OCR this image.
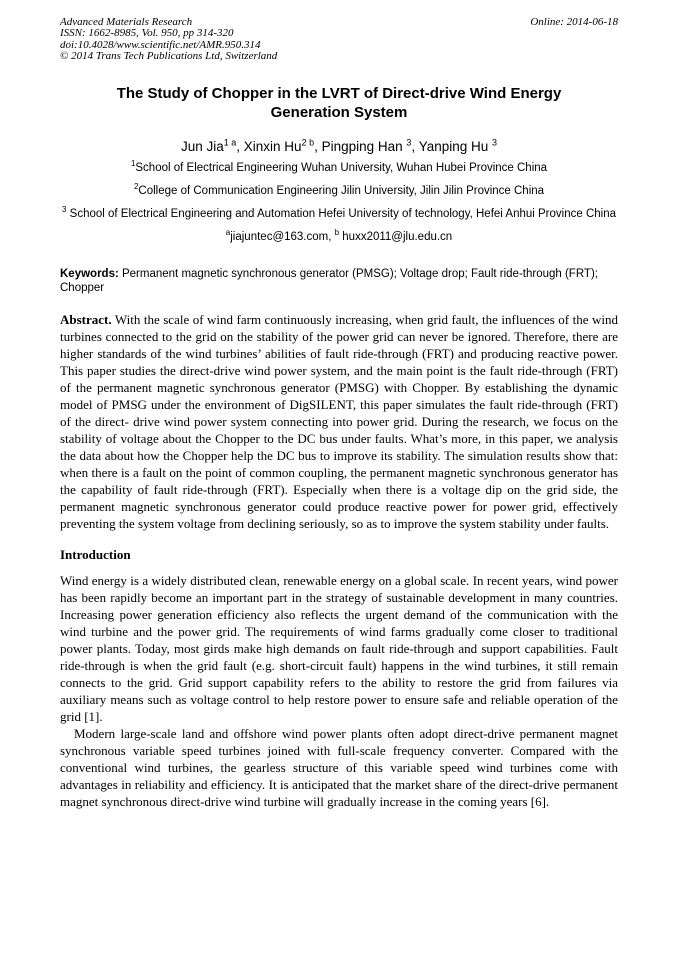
Advanced Materials Research
ISSN: 1662-8985, Vol. 950, pp 314-320
doi:10.4028/www.scientific.net/AMR.950.314
© 2014 Trans Tech Publications Ltd, Switzerland
Online: 2014-06-18
The Study of Chopper in the LVRT of Direct-drive Wind Energy Generation System
Jun Jia$^{1 a}$, Xinxin $Hu^{2 b}$, Pingping Han $^3$, Yanping Hu $^3$
$^1$School of Electrical Engineering Wuhan University, Wuhan Hubei Province China
$^2$College of Communication Engineering Jilin University, Jilin Jilin Province China
$^3$ School of Electrical Engineering and Automation Hefei University of technology, Hefei Anhui Province China
$^a$jiajuntec@163.com, $^b$ huxx2011@jlu.edu.cn
Keywords: Permanent magnetic synchronous generator (PMSG); Voltage drop; Fault ride-through (FRT); Chopper
Abstract. With the scale of wind farm continuously increasing, when grid fault, the influences of the wind turbines connected to the grid on the stability of the power grid can never be ignored. Therefore, there are higher standards of the wind turbines’ abilities of fault ride-through (FRT) and producing reactive power. This paper studies the direct-drive wind power system, and the main point is the fault ride-through (FRT) of the permanent magnetic synchronous generator (PMSG) with Chopper. By establishing the dynamic model of PMSG under the environment of DigSILENT, this paper simulates the fault ride-through (FRT) of the direct- drive wind power system connecting into power grid. During the research, we focus on the stability of voltage about the Chopper to the DC bus under faults. What’s more, in this paper, we analysis the data about how the Chopper help the DC bus to improve its stability. The simulation results show that: when there is a fault on the point of common coupling, the permanent magnetic synchronous generator has the capability of fault ride-through (FRT). Especially when there is a voltage dip on the grid side, the permanent magnetic synchronous generator could produce reactive power for power grid, effectively preventing the system voltage from declining seriously, so as to improve the system stability under faults.
Introduction

Wind energy is a widely distributed clean, renewable energy on a global scale. In recent years, wind power has been rapidly become an important part in the strategy of sustainable development in many countries. Increasing power generation efficiency also reflects the urgent demand of the communication with the wind turbine and the power grid. The requirements of wind farms gradually come closer to traditional power plants. Today, most girds make high demands on fault ride-through and support capabilities. Fault ride-through is when the grid fault (e.g. short-circuit fault) happens in the wind turbines, it still remain connects to the grid. Grid support capability refers to the ability to restore the grid from failures via auxiliary means such as voltage control to help restore power to ensure safe and reliable operation of the grid [1].

Modern large-scale land and offshore wind power plants often adopt direct-drive permanent magnet synchronous variable speed turbines joined with full-scale frequency converter. Compared with the conventional wind turbines, the gearless structure of this variable speed wind turbines come with advantages in reliability and efficiency. It is anticipated that the market share of the direct-drive permanent magnet synchronous direct-drive wind turbine will gradually increase in the coming years [6].
